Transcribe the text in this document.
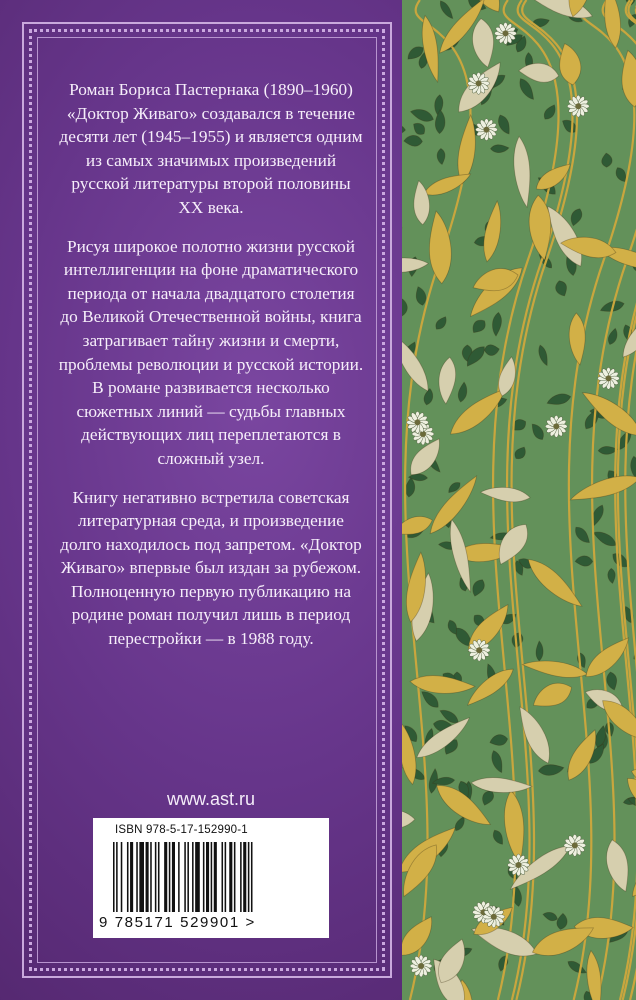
Роман Бориса Пастернака (1890–1960) «Доктор Живаго» создавался в течение десяти лет (1945–1955) и является одним из самых значимых произведений русской литературы второй половины XX века.

Рисуя широкое полотно жизни русской интеллигенции на фоне драматического периода от начала двадцатого столетия до Великой Отечественной войны, книга затрагивает тайну жизни и смерти, проблемы революции и русской истории. В романе развивается несколько сюжетных линий — судьбы главных действующих лиц переплетаются в сложный узел.

Книгу негативно встретила советская литературная среда, и произведение долго находилось под запретом. «Доктор Живаго» впервые был издан за рубежом. Полноценную первую публикацию на родине роман получил лишь в период перестройки — в 1988 году.

www.ast.ru
ISBN 978-5-17-152990-1
9 785171 529901 >
